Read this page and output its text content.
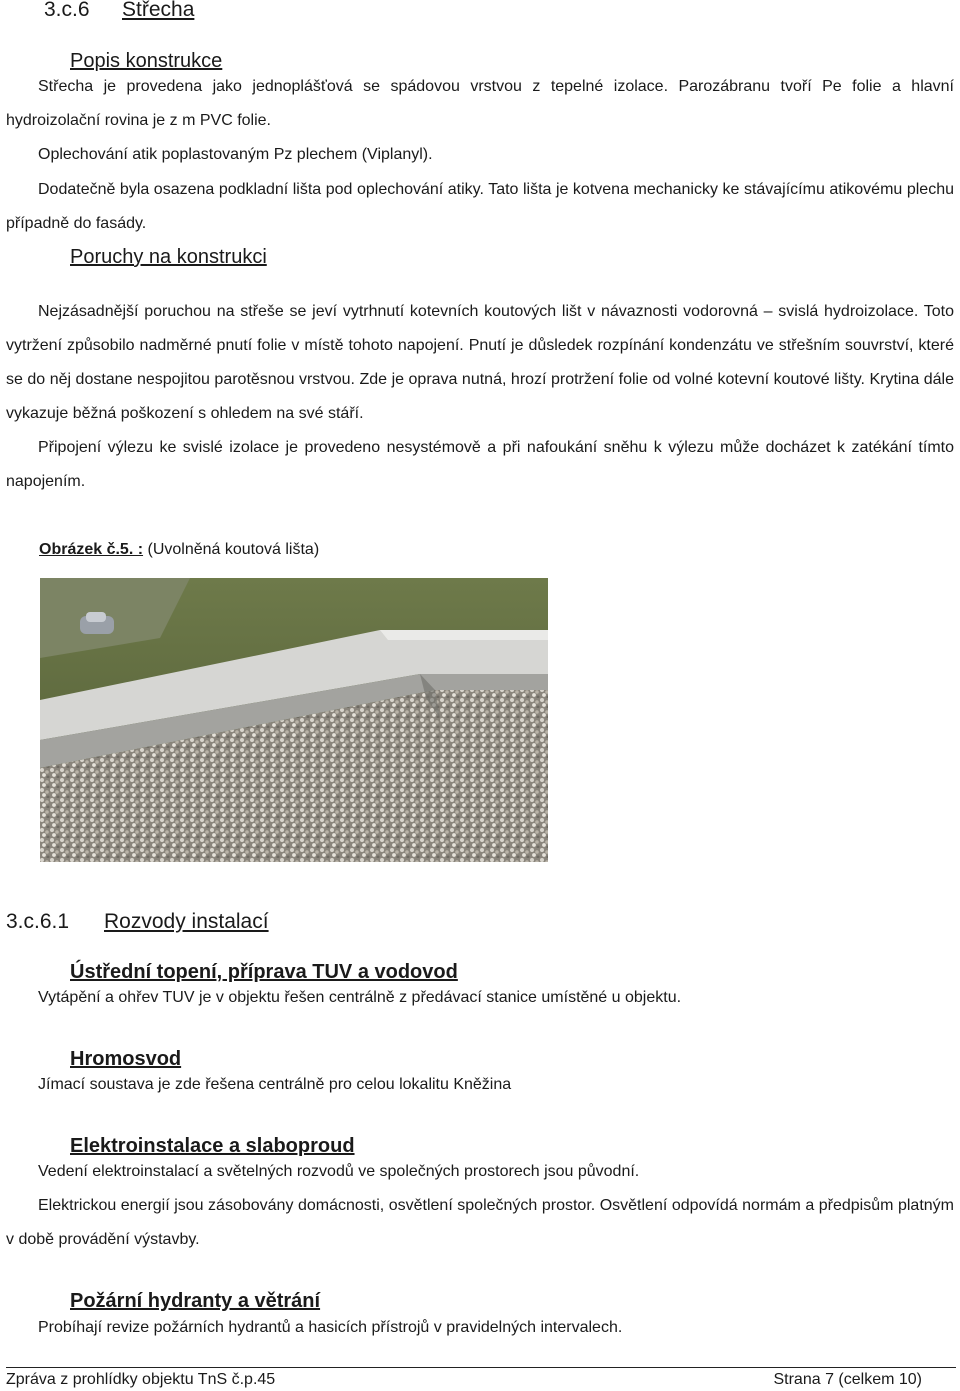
3.c.6 Střecha
Popis konstrukce
Střecha je provedena jako jednoplášťová se spádovou vrstvou z tepelné izolace. Parozábranu tvoří Pe folie a hlavní hydroizolační rovina je z m PVC folie.
Oplechování atik poplastovaným Pz plechem (Viplanyl).
Dodatečně byla osazena podkladní lišta pod oplechování atiky. Tato lišta je kotvena mechanicky ke stávajícímu atikovému plechu případně do fasády.
Poruchy na konstrukci
Nejzásadnější poruchou na střeše se jeví vytrhnutí kotevních koutových lišt v návaznosti vodorovná – svislá hydroizolace. Toto vytržení způsobilo nadměrné pnutí folie v místě tohoto napojení. Pnutí je důsledek rozpínání kondenzátu ve střešním souvrství, které se do něj dostane nespojitou parotěsnou vrstvou. Zde je oprava nutná, hrozí protržení folie od volné kotevní koutové lišty. Krytina dále vykazuje běžná poškození s ohledem na své stáří.
Připojení výlezu ke svislé izolace je provedeno nesystémově a při nafoukání sněhu k výlezu může docházet k zatékání tímto napojením.
Obrázek č.5. : (Uvolněná koutová lišta)
3.c.6.1 Rozvody instalací
Ústřední topení, příprava TUV a vodovod
Vytápění a ohřev TUV je v objektu řešen centrálně z předávací stanice umístěné u objektu.
Hromosvod
Jímací soustava je zde řešena centrálně pro celou lokalitu Kněžina
Elektroinstalace a slaboproud
Vedení elektroinstalací a světelných rozvodů ve společných prostorech jsou původní.
Elektrickou energií jsou zásobovány domácnosti, osvětlení společných prostor. Osvětlení odpovídá normám a předpisům platným v době provádění výstavby.
Požární hydranty a větrání
Probíhají revize požárních hydrantů a hasicích přístrojů v pravidelných intervalech.
Zpráva z prohlídky objektu TnS č.p.45	Strana 7 (celkem 10)
